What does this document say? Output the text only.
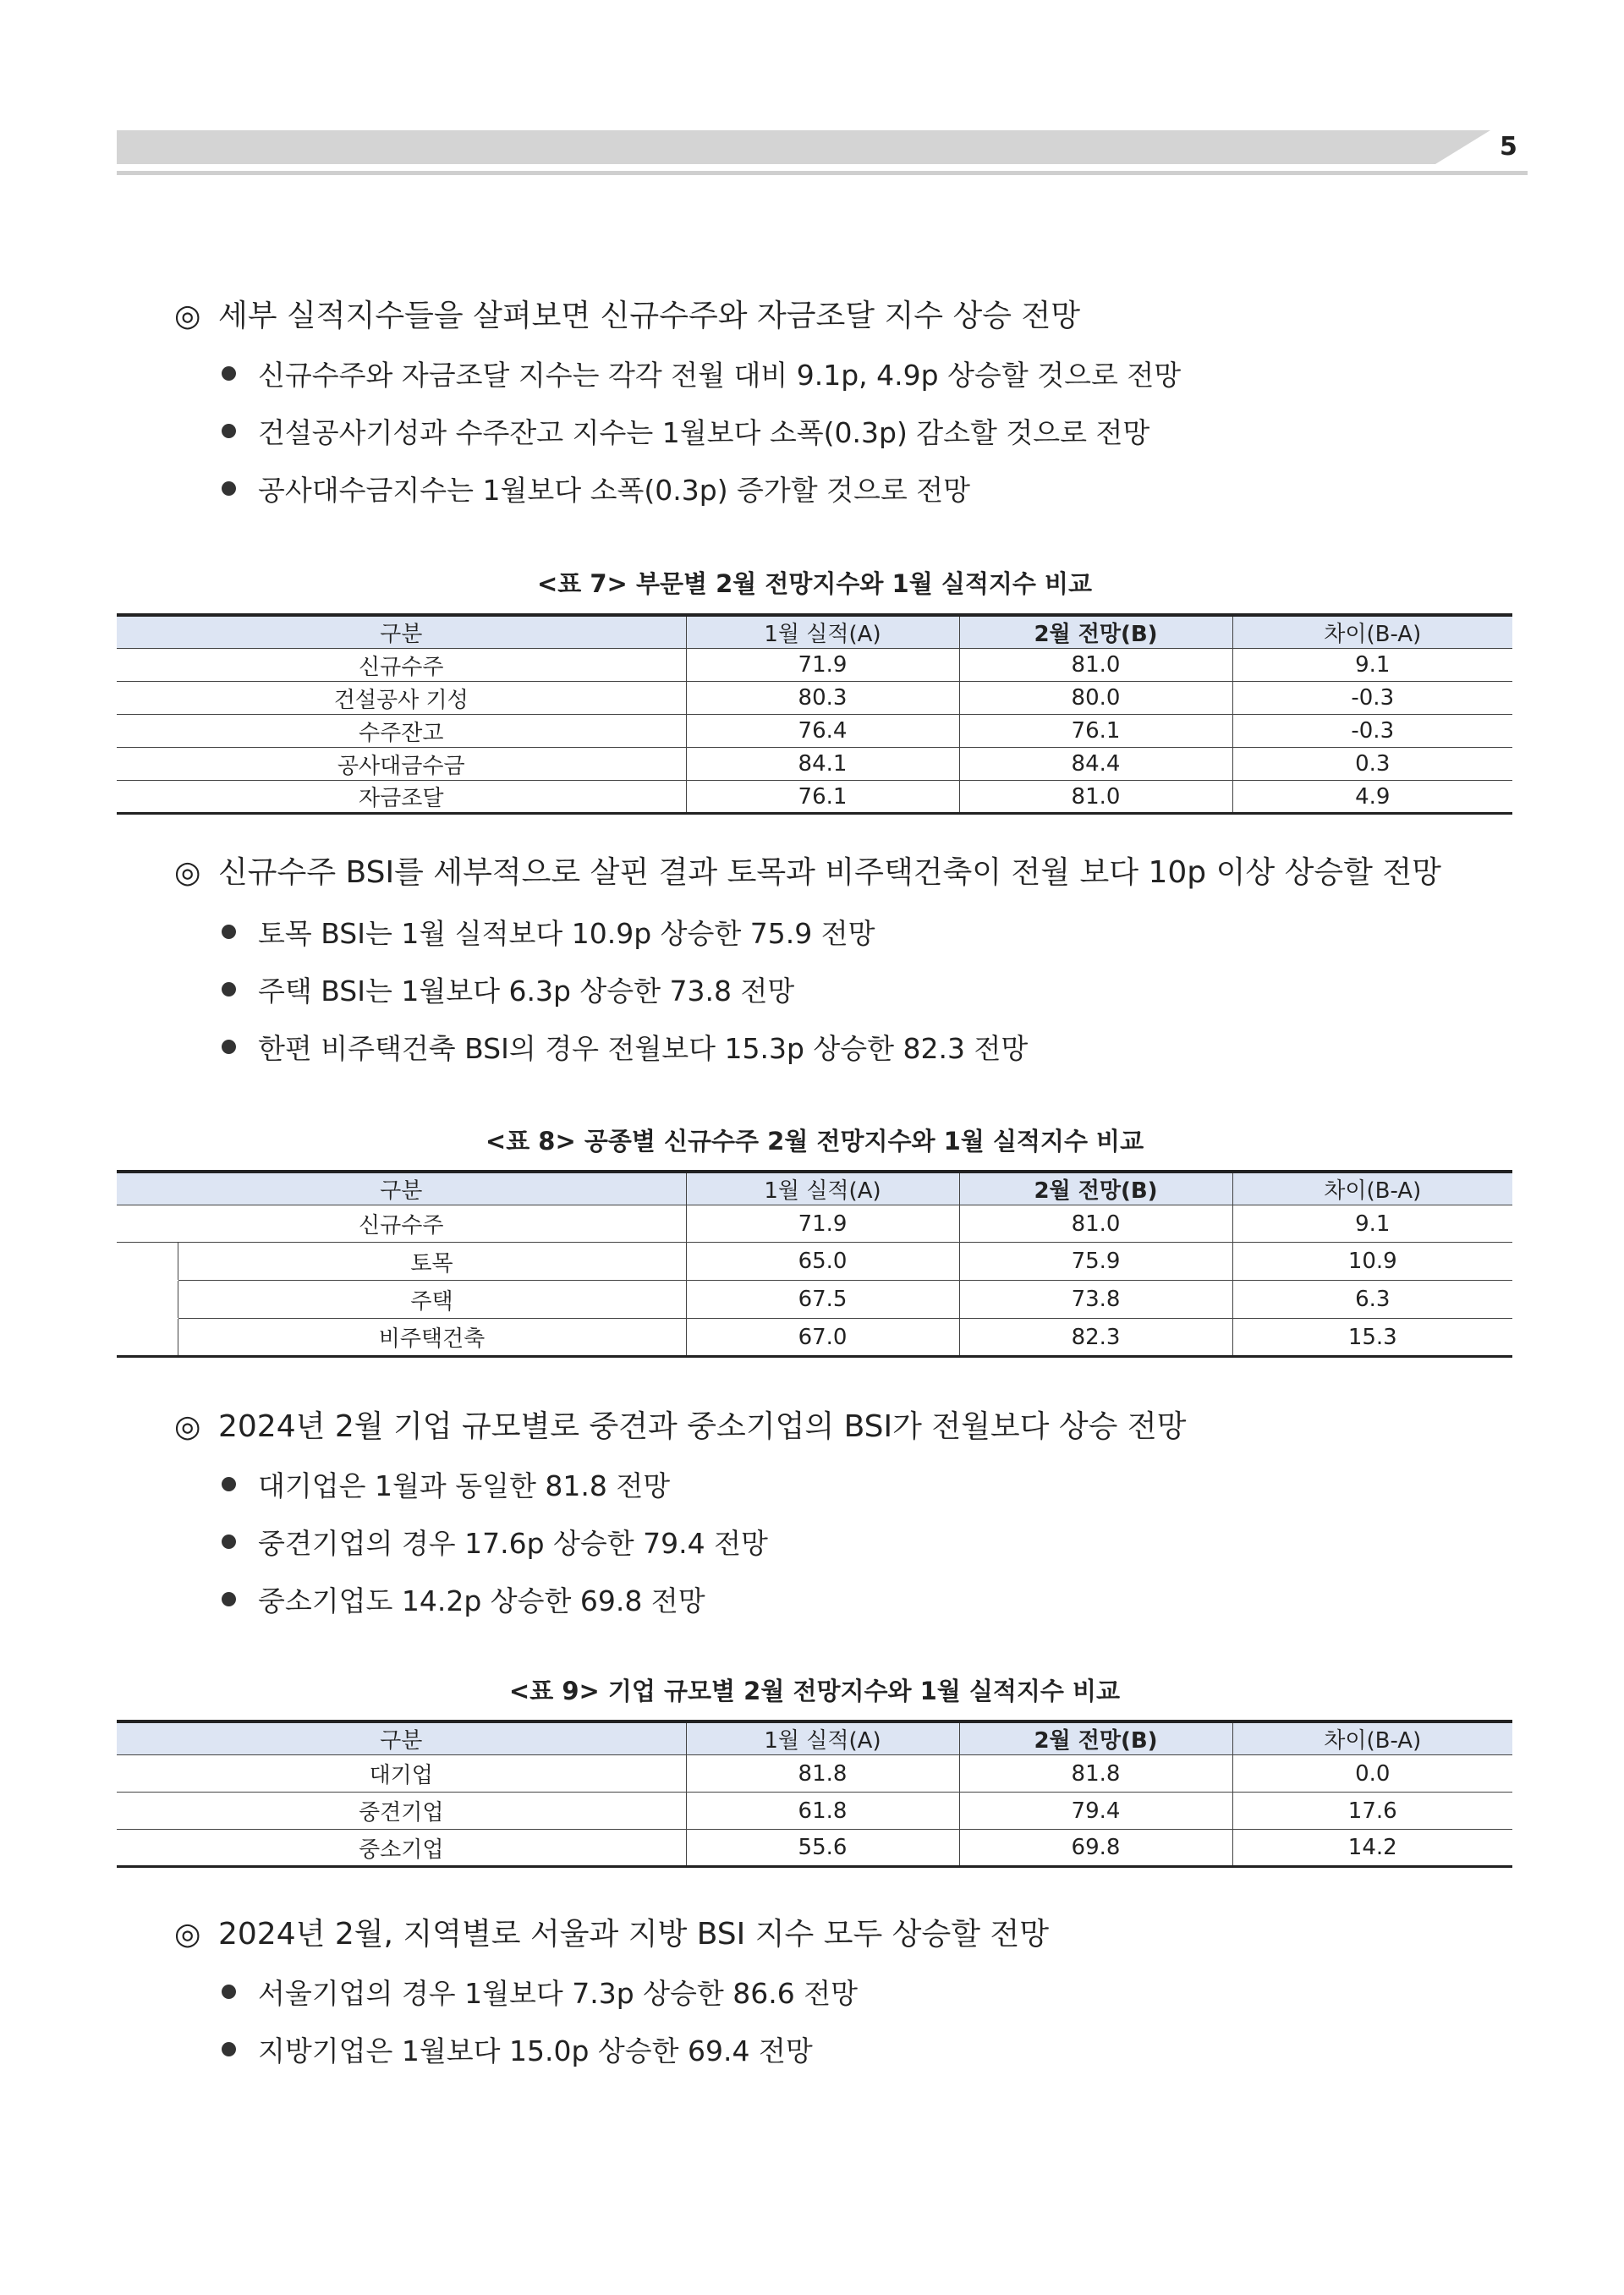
5
◎ 세부 실적지수들을 살펴보면 신규수주와 자금조달 지수 상승 전망
신규수주와 자금조달 지수는 각각 전월 대비 9.1p, 4.9p 상승할 것으로 전망
건설공사기성과 수주잔고 지수는 1월보다 소폭(0.3p) 감소할 것으로 전망
공사대수금지수는 1월보다 소폭(0.3p) 증가할 것으로 전망
<표 7> 부문별 2월 전망지수와 1월 실적지수 비교
구분	1월 실적(A)	2월 전망(B)	차이(B-A)
신규수주	71.9	81.0	9.1
건설공사 기성	80.3	80.0	-0.3
수주잔고	76.4	76.1	-0.3
공사대금수금	84.1	84.4	0.3
자금조달	76.1	81.0	4.9
◎ 신규수주 BSI를 세부적으로 살핀 결과 토목과 비주택건축이 전월 보다 10p 이상 상승할 전망
토목 BSI는 1월 실적보다 10.9p 상승한 75.9 전망
주택 BSI는 1월보다 6.3p 상승한 73.8 전망
한편 비주택건축 BSI의 경우 전월보다 15.3p 상승한 82.3 전망
<표 8> 공종별 신규수주 2월 전망지수와 1월 실적지수 비교
구분		1월 실적(A)	2월 전망(B)	차이(B-A)
신규수주		71.9	81.0	9.1
	토목	65.0	75.9	10.9
	주택	67.5	73.8	6.3
	비주택건축	67.0	82.3	15.3
◎ 2024년 2월 기업 규모별로 중견과 중소기업의 BSI가 전월보다 상승 전망
대기업은 1월과 동일한 81.8 전망
중견기업의 경우 17.6p 상승한 79.4 전망
중소기업도 14.2p 상승한 69.8 전망
<표 9> 기업 규모별 2월 전망지수와 1월 실적지수 비교
구분	1월 실적(A)	2월 전망(B)	차이(B-A)
대기업	81.8	81.8	0.0
중견기업	61.8	79.4	17.6
중소기업	55.6	69.8	14.2
◎ 2024년 2월, 지역별로 서울과 지방 BSI 지수 모두 상승할 전망
서울기업의 경우 1월보다 7.3p 상승한 86.6 전망
지방기업은 1월보다 15.0p 상승한 69.4 전망
